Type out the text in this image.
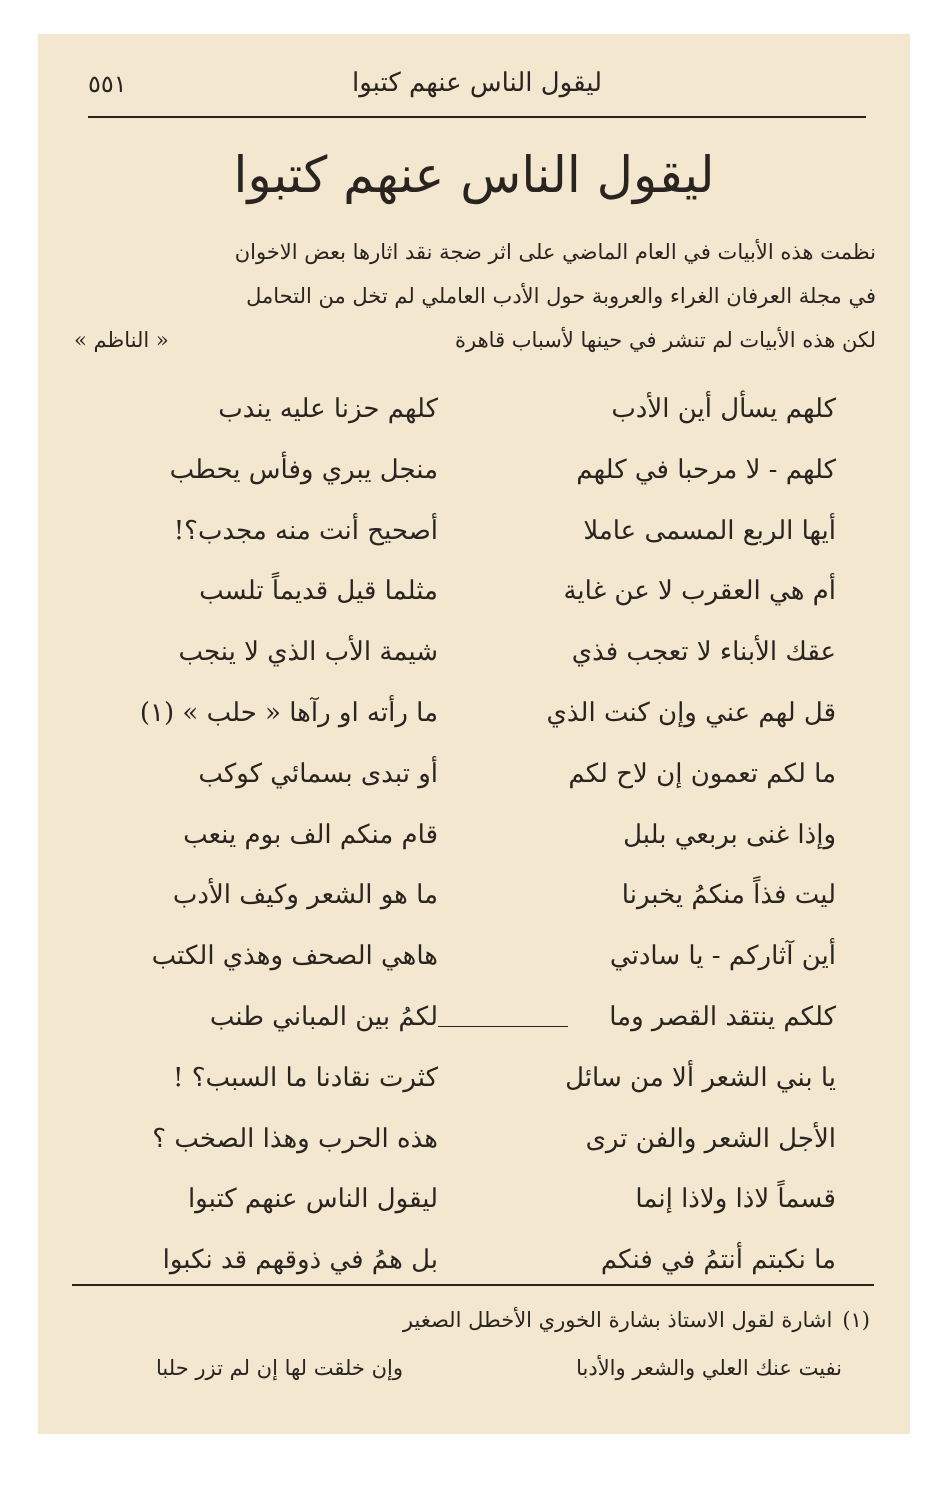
ليقول الناس عنهم كتبوا
٥٥١
ليقول الناس عنهم كتبوا
نظمت هذه الأبيات في العام الماضي على اثر ضجة نقد اثارها بعض الاخوان
في مجلة العرفان الغراء والعروبة حول الأدب العاملي لم تخل من التحامل
لكن هذه الأبيات لم تنشر في حينها لأسباب قاهرة
« الناظم »
كلهم يسأل أين الأدب
كلهم حزنا عليه يندب
كلهم - لا مرحبا في كلهم
منجل يبري وفأس يحطب
أيها الربع المسمى عاملا
أصحيح أنت منه مجدب؟!
أم هي العقرب لا عن غاية
مثلما قيل قديماً تلسب
عقك الأبناء لا تعجب فذي
شيمة الأب الذي لا ينجب
قل لهم عني وإن كنت الذي
ما رأته او رآها « حلب » (١)
ما لكم تعمون إن لاح لكم
أو تبدى بسمائي كوكب
وإذا غنى بربعي بلبل
قام منكم الف بوم ينعب
ليت فذاً منكمُ يخبرنا
ما هو الشعر وكيف الأدب
أين آثاركم - يا سادتي
هاهي الصحف وهذي الكتب
كلكم ينتقد القصر وما
لكمُ بين المباني طنب
يا بني الشعر ألا من سائل
كثرت نقادنا ما السبب؟ !
الأجل الشعر والفن ترى
هذه الحرب وهذا الصخب ؟
قسماً لاذا ولاذا إنما
ليقول الناس عنهم كتبوا
ما نكبتم أنتمُ في فنكم
بل همُ في ذوقهم قد نكبوا
(١)اشارة لقول الاستاذ بشارة الخوري الأخطل الصغير
نفيت عنك العلي والشعر والأدبا
وإن خلقت لها إن لم تزر حلبا
